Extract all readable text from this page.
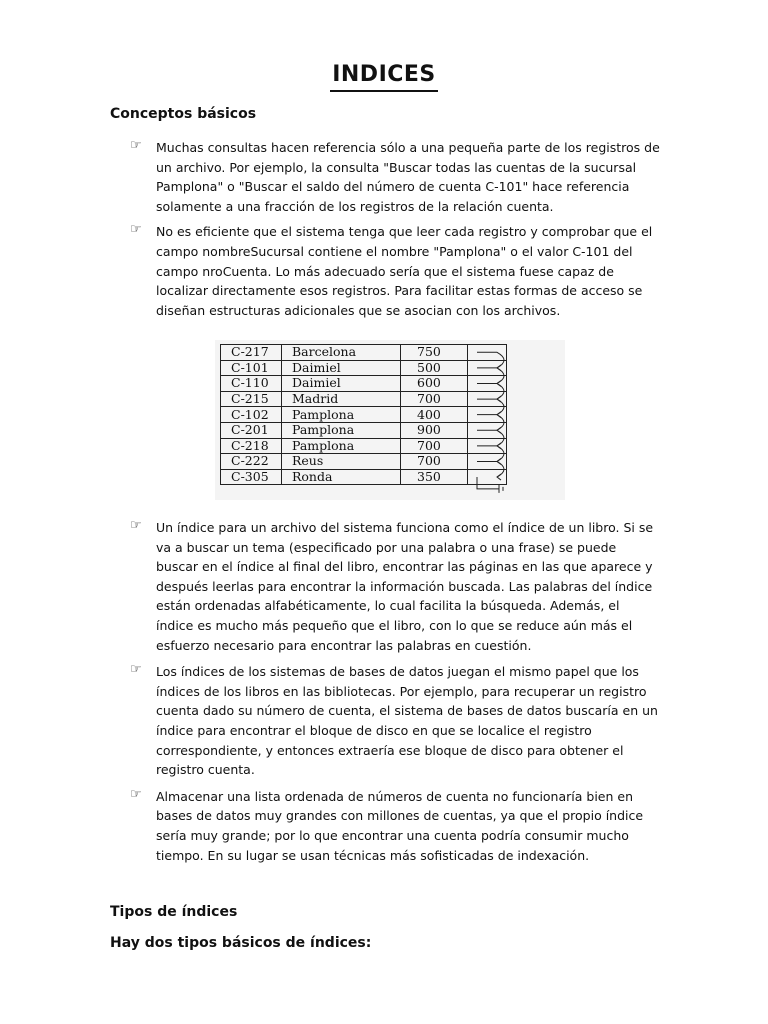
INDICES
Conceptos básicos
☞	Muchas consultas hacen referencia sólo a una pequeña parte de los registros de un archivo. Por ejemplo, la consulta "Buscar todas las cuentas de la sucursal Pamplona" o "Buscar el saldo del número de cuenta C-101" hace referencia solamente a una fracción de los registros de la relación cuenta.
☞	No es eficiente que el sistema tenga que leer cada registro y comprobar que el campo nombreSucursal contiene el nombre "Pamplona" o el valor C-101 del campo nroCuenta. Lo más adecuado sería que el sistema fuese capaz de localizar directamente esos registros. Para facilitar estas formas de acceso se diseñan estructuras adicionales que se asocian con los archivos.
C-217	Barcelona	750	
C-101	Daimiel	500	
C-110	Daimiel	600	
C-215	Madrid	700	
C-102	Pamplona	400	
C-201	Pamplona	900	
C-218	Pamplona	700	
C-222	Reus	700	
C-305	Ronda	350	
☞	Un índice para un archivo del sistema funciona como el índice de un libro. Si se va a buscar un tema (especificado por una palabra o una frase) se puede buscar en el índice al final del libro, encontrar las páginas en las que aparece y después leerlas para encontrar la información buscada. Las palabras del índice están ordenadas alfabéticamente, lo cual facilita la búsqueda. Además, el índice es mucho más pequeño que el libro, con lo que se reduce aún más el esfuerzo necesario para encontrar las palabras en cuestión.
☞	Los índices de los sistemas de bases de datos juegan el mismo papel que los índices de los libros en las bibliotecas. Por ejemplo, para recuperar un registro cuenta dado su número de cuenta, el sistema de bases de datos buscaría en un índice para encontrar el bloque de disco en que se localice el registro correspondiente, y entonces extraería ese bloque de disco para obtener el registro cuenta.
☞	Almacenar una lista ordenada de números de cuenta no funcionaría bien en bases de datos muy grandes con millones de cuentas, ya que el propio índice sería muy grande; por lo que encontrar una cuenta podría consumir mucho tiempo. En su lugar se usan técnicas más sofisticadas de indexación.
Tipos de índices
Hay dos tipos básicos de índices:
